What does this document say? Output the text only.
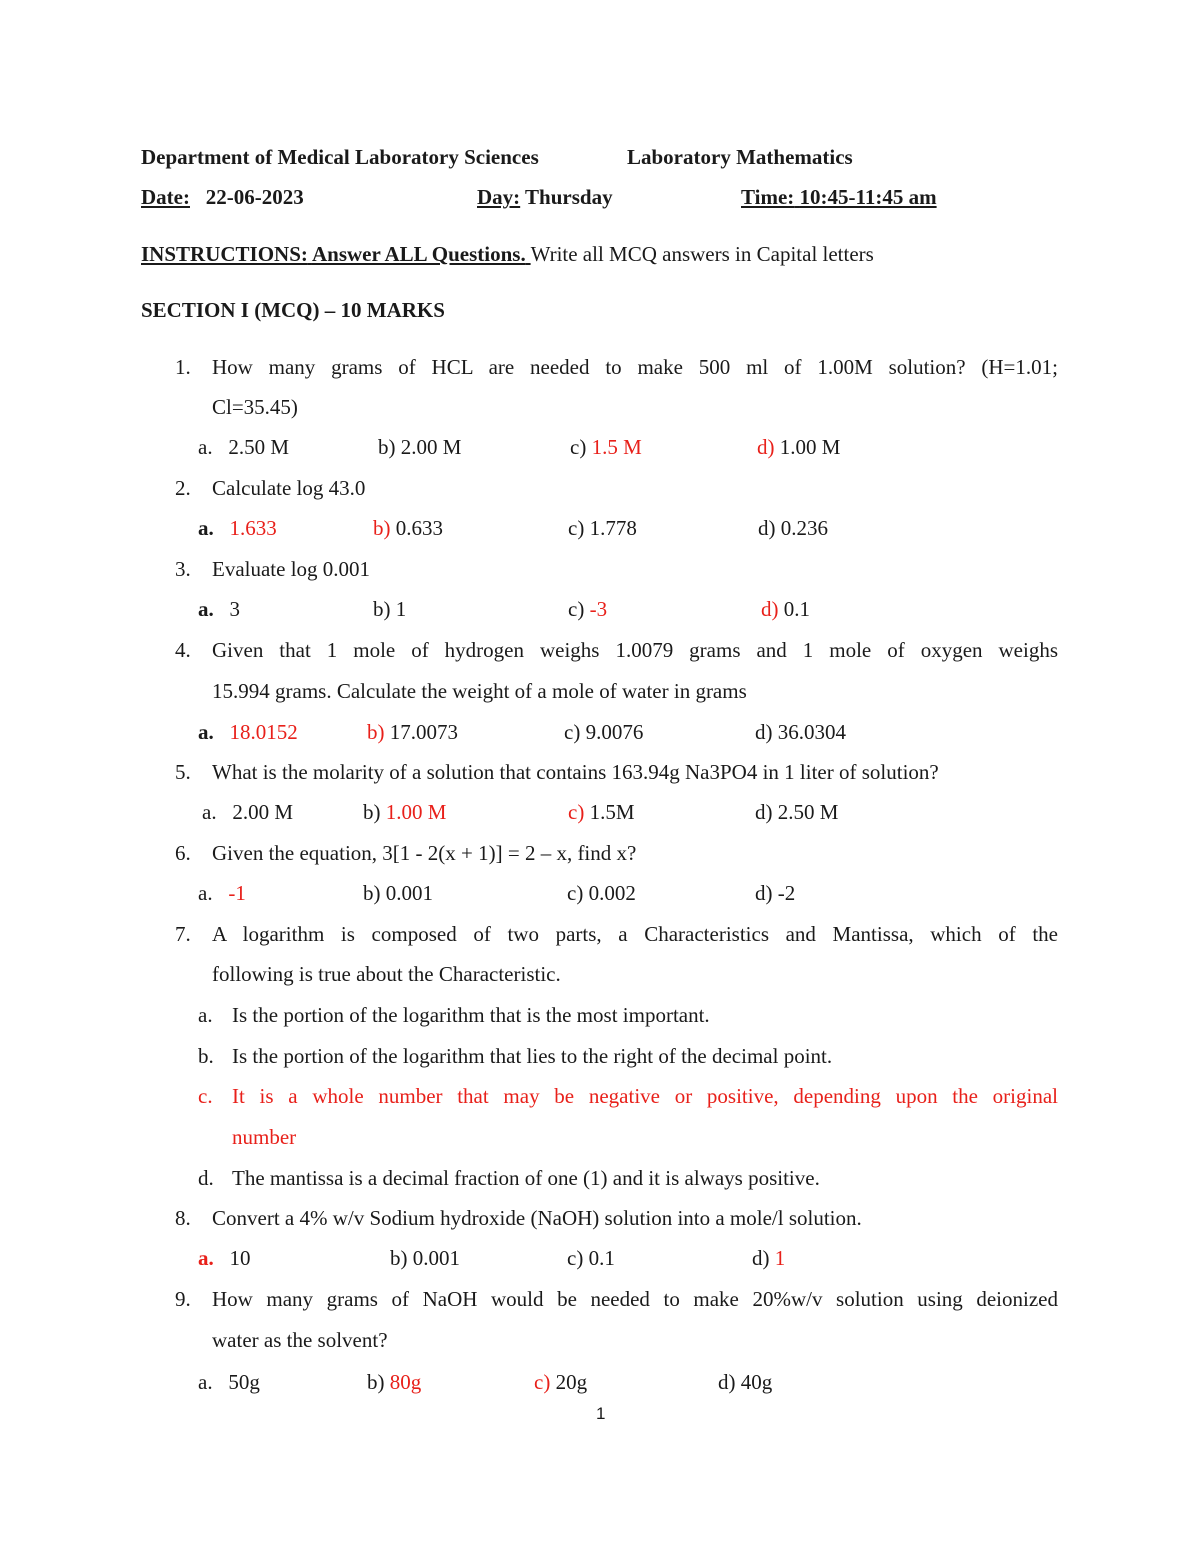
Department of Medical Laboratory Sciences	Laboratory Mathematics
Date: 22-06-2023	Day: Thursday	Time: 10:45-11:45 am
INSTRUCTIONS: Answer ALL Questions. Write all MCQ answers in Capital letters
SECTION I (MCQ) – 10 MARKS
1. How many grams of HCL are needed to make 500 ml of 1.00M solution? (H=1.01;
Cl=35.45)
a. 2.50 M	b) 2.00 M	c) 1.5 M	d) 1.00 M
2. Calculate log 43.0
a. 1.633	b) 0.633	c) 1.778	d) 0.236
3. Evaluate log 0.001
a. 3	b) 1	c) -3	d) 0.1
4. Given that 1 mole of hydrogen weighs 1.0079 grams and 1 mole of oxygen weighs
15.994 grams. Calculate the weight of a mole of water in grams
a. 18.0152	b) 17.0073	c) 9.0076	d) 36.0304
5. What is the molarity of a solution that contains 163.94g Na3PO4 in 1 liter of solution?
a. 2.00 M	b) 1.00 M	c) 1.5M	d) 2.50 M
6. Given the equation, 3[1 - 2(x + 1)] = 2 – x, find x?
a. -1	b) 0.001	c) 0.002	d) -2
7. A logarithm is composed of two parts, a Characteristics and Mantissa, which of the
following is true about the Characteristic.
a. Is the portion of the logarithm that is the most important.
b. Is the portion of the logarithm that lies to the right of the decimal point.
c. It is a whole number that may be negative or positive, depending upon the original
number
d. The mantissa is a decimal fraction of one (1) and it is always positive.
8. Convert a 4% w/v Sodium hydroxide (NaOH) solution into a mole/l solution.
a. 10	b) 0.001	c) 0.1	d) 1
9. How many grams of NaOH would be needed to make 20%w/v solution using deionized
water as the solvent?
a. 50g	b) 80g	c) 20g	d) 40g
1
